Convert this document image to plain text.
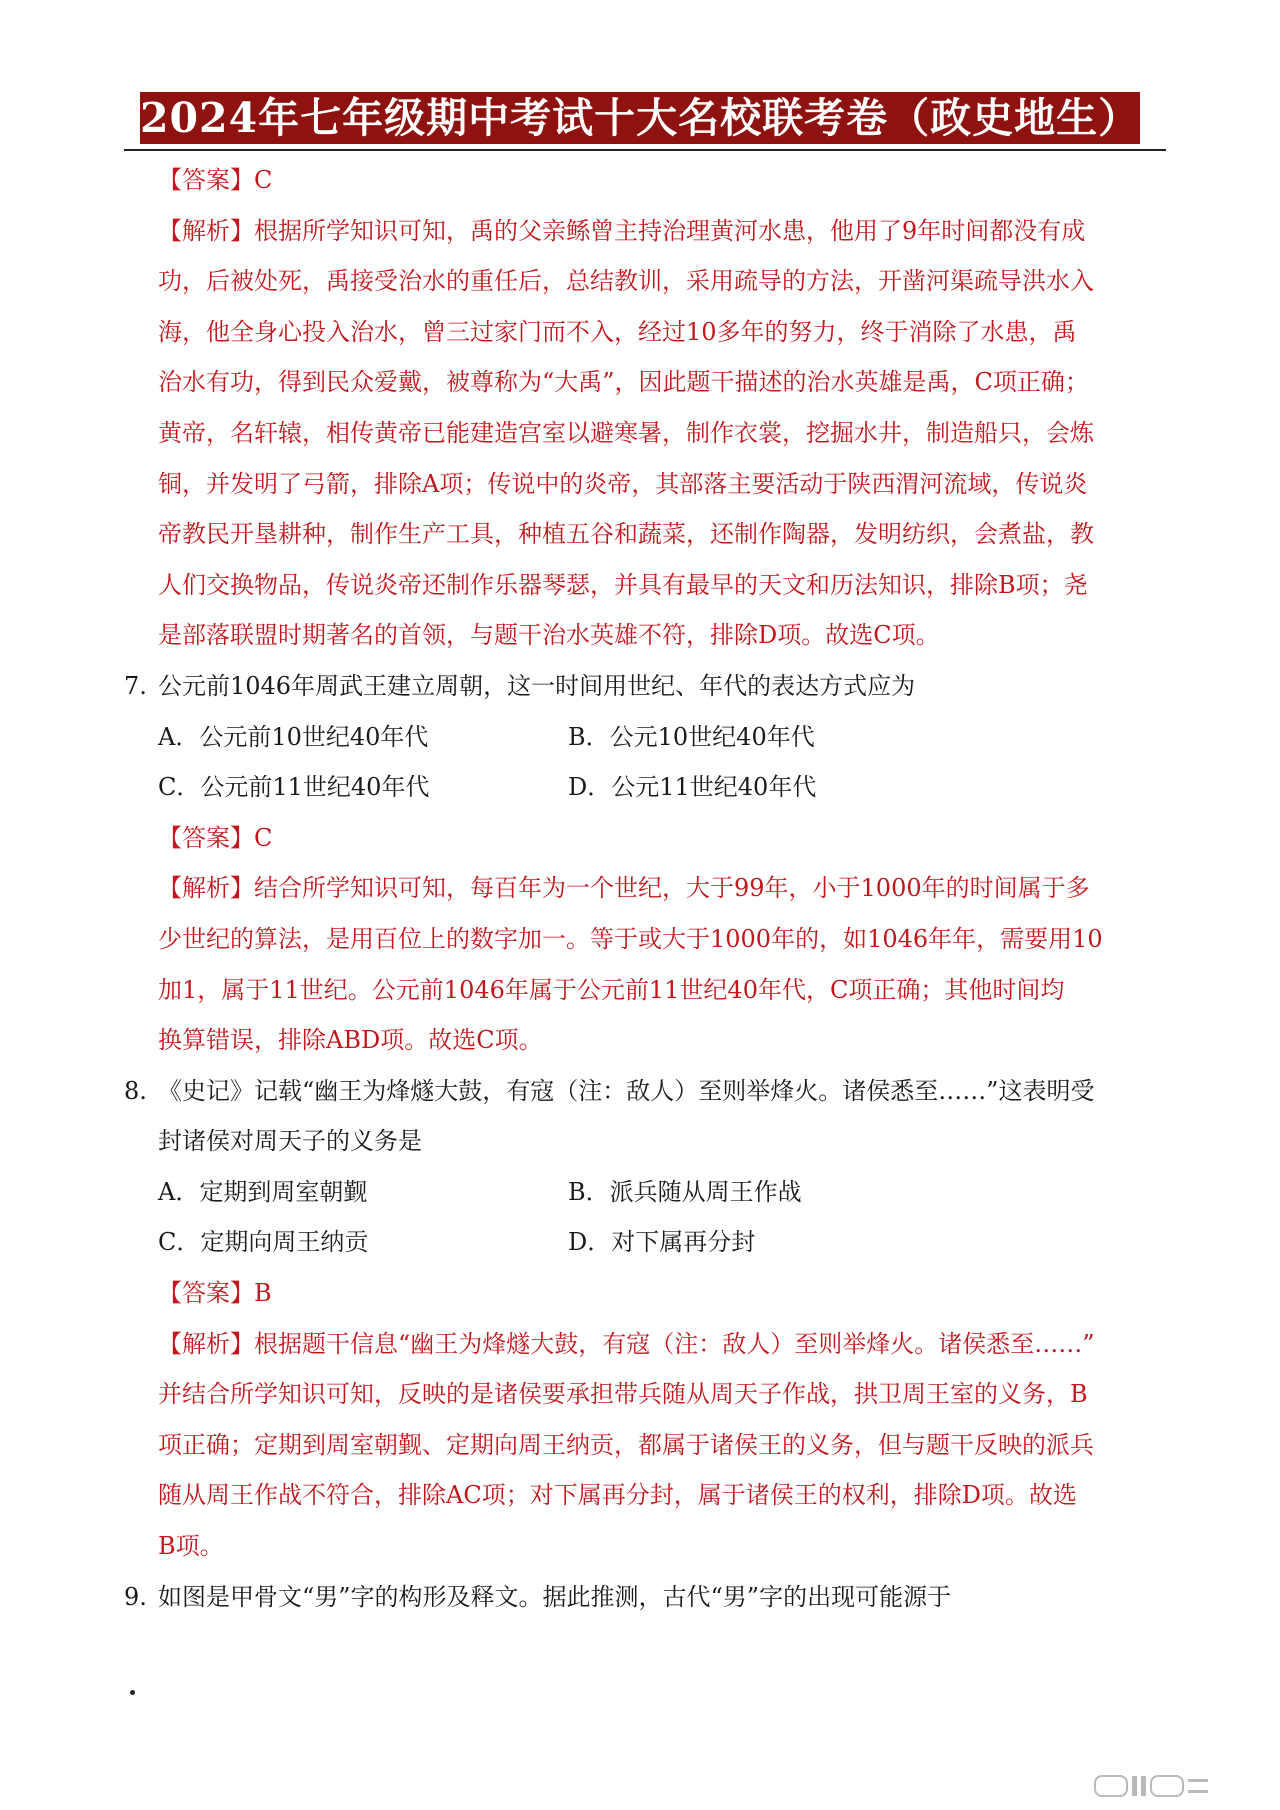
2024年七年级期中考试十大名校联考卷（政史地生）
【答案】C
【解析】根据所学知识可知，禹的父亲鲧曾主持治理黄河水患，他用了9年时间都没有成
功，后被处死，禹接受治水的重任后，总结教训，采用疏导的方法，开凿河渠疏导洪水入
海，他全身心投入治水，曾三过家门而不入，经过10多年的努力，终于消除了水患，禹
治水有功，得到民众爱戴，被尊称为“大禹”，因此题干描述的治水英雄是禹，C项正确；
黄帝，名轩辕，相传黄帝已能建造宫室以避寒暑，制作衣裳，挖掘水井，制造船只，会炼
铜，并发明了弓箭，排除A项；传说中的炎帝，其部落主要活动于陕西渭河流域，传说炎
帝教民开垦耕种，制作生产工具，种植五谷和蔬菜，还制作陶器，发明纺织，会煮盐，教
人们交换物品，传说炎帝还制作乐器琴瑟，并具有最早的天文和历法知识，排除B项；尧
是部落联盟时期著名的首领，与题干治水英雄不符，排除D项。故选C项。
7. 公元前1046年周武王建立周朝，这一时间用世纪、年代的表达方式应为
A．公元前10世纪40年代	B．公元10世纪40年代
C．公元前11世纪40年代	D．公元11世纪40年代
【答案】C
【解析】结合所学知识可知，每百年为一个世纪，大于99年，小于1000年的时间属于多
少世纪的算法，是用百位上的数字加一。等于或大于1000年的，如1046年年，需要用10
加1，属于11世纪。公元前1046年属于公元前11世纪40年代，C项正确；其他时间均
换算错误，排除ABD项。故选C项。
8. 《史记》记载“幽王为烽燧大鼓，有寇（注：敌人）至则举烽火。诸侯悉至……”这表明受
封诸侯对周天子的义务是
A．定期到周室朝觐	B．派兵随从周王作战
C．定期向周王纳贡	D．对下属再分封
【答案】B
【解析】根据题干信息“幽王为烽燧大鼓，有寇（注：敌人）至则举烽火。诸侯悉至……”
并结合所学知识可知，反映的是诸侯要承担带兵随从周天子作战，拱卫周王室的义务，B
项正确；定期到周室朝觐、定期向周王纳贡，都属于诸侯王的义务，但与题干反映的派兵
随从周王作战不符合，排除AC项；对下属再分封，属于诸侯王的权利，排除D项。故选
B项。
9. 如图是甲骨文“男”字的构形及释文。据此推测，古代“男”字的出现可能源于
